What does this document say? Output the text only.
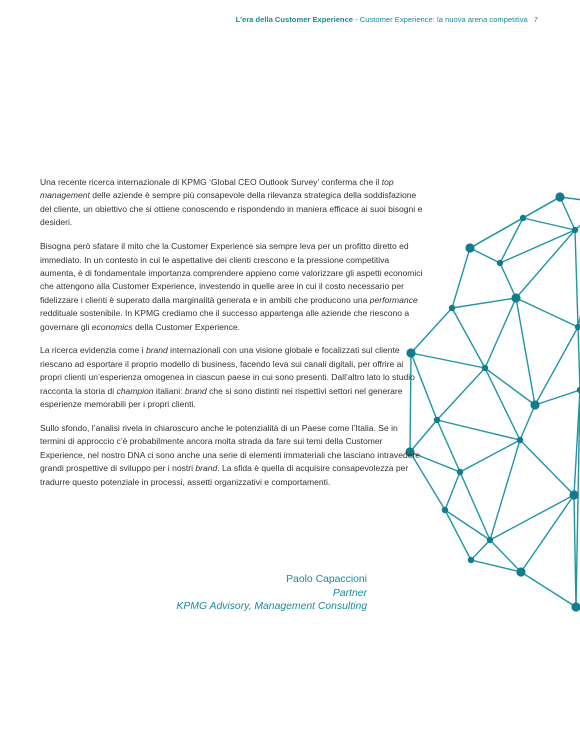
L'era della Customer Experience - Customer Experience: la nuova arena competitiva 7

Una recente ricerca internazionale di KPMG ‘Global CEO Outlook Survey’ conferma che il top management delle aziende è sempre più consapevole della rilevanza strategica della soddisfazione del cliente, un obiettivo che si ottiene conoscendo e rispondendo in maniera efficace ai suoi bisogni e desideri.

Bisogna però sfatare il mito che la Customer Experience sia sempre leva per un profitto diretto ed immediato. In un contesto in cui le aspettative dei clienti crescono e la pressione competitiva aumenta, è di fondamentale importanza comprendere appieno come valorizzare gli aspetti economici che attengono alla Customer Experience, investendo in quelle aree in cui il costo necessario per fidelizzare i clienti è superato dalla marginalità generata e in ambiti che producono una performance reddituale sostenibile. In KPMG crediamo che il successo appartenga alle aziende che riescono a governare gli economics della Customer Experience.

La ricerca evidenzia come i brand internazionali con una visione globale e focalizzati sul cliente riescano ad esportare il proprio modello di business, facendo leva sui canali digitali, per offrire ai propri clienti un’esperienza omogenea in ciascun paese in cui sono presenti. Dall’altro lato lo studio racconta la storia di champion italiani: brand che si sono distinti nei rispettivi settori nel generare esperienze memorabili per i propri clienti.

Sullo sfondo, l’analisi rivela in chiaroscuro anche le potenzialità di un Paese come l’Italia. Se in termini di approccio c’è probabilmente ancora molta strada da fare sui temi della Customer Experience, nel nostro DNA ci sono anche una serie di elementi immateriali che lasciano intravedere grandi prospettive di sviluppo per i nostri brand. La sfida è quella di acquisire consapevolezza per tradurre questo potenziale in processi, assetti organizzativi e comportamenti.

Paolo Capaccioni
Partner
KPMG Advisory, Management Consulting
